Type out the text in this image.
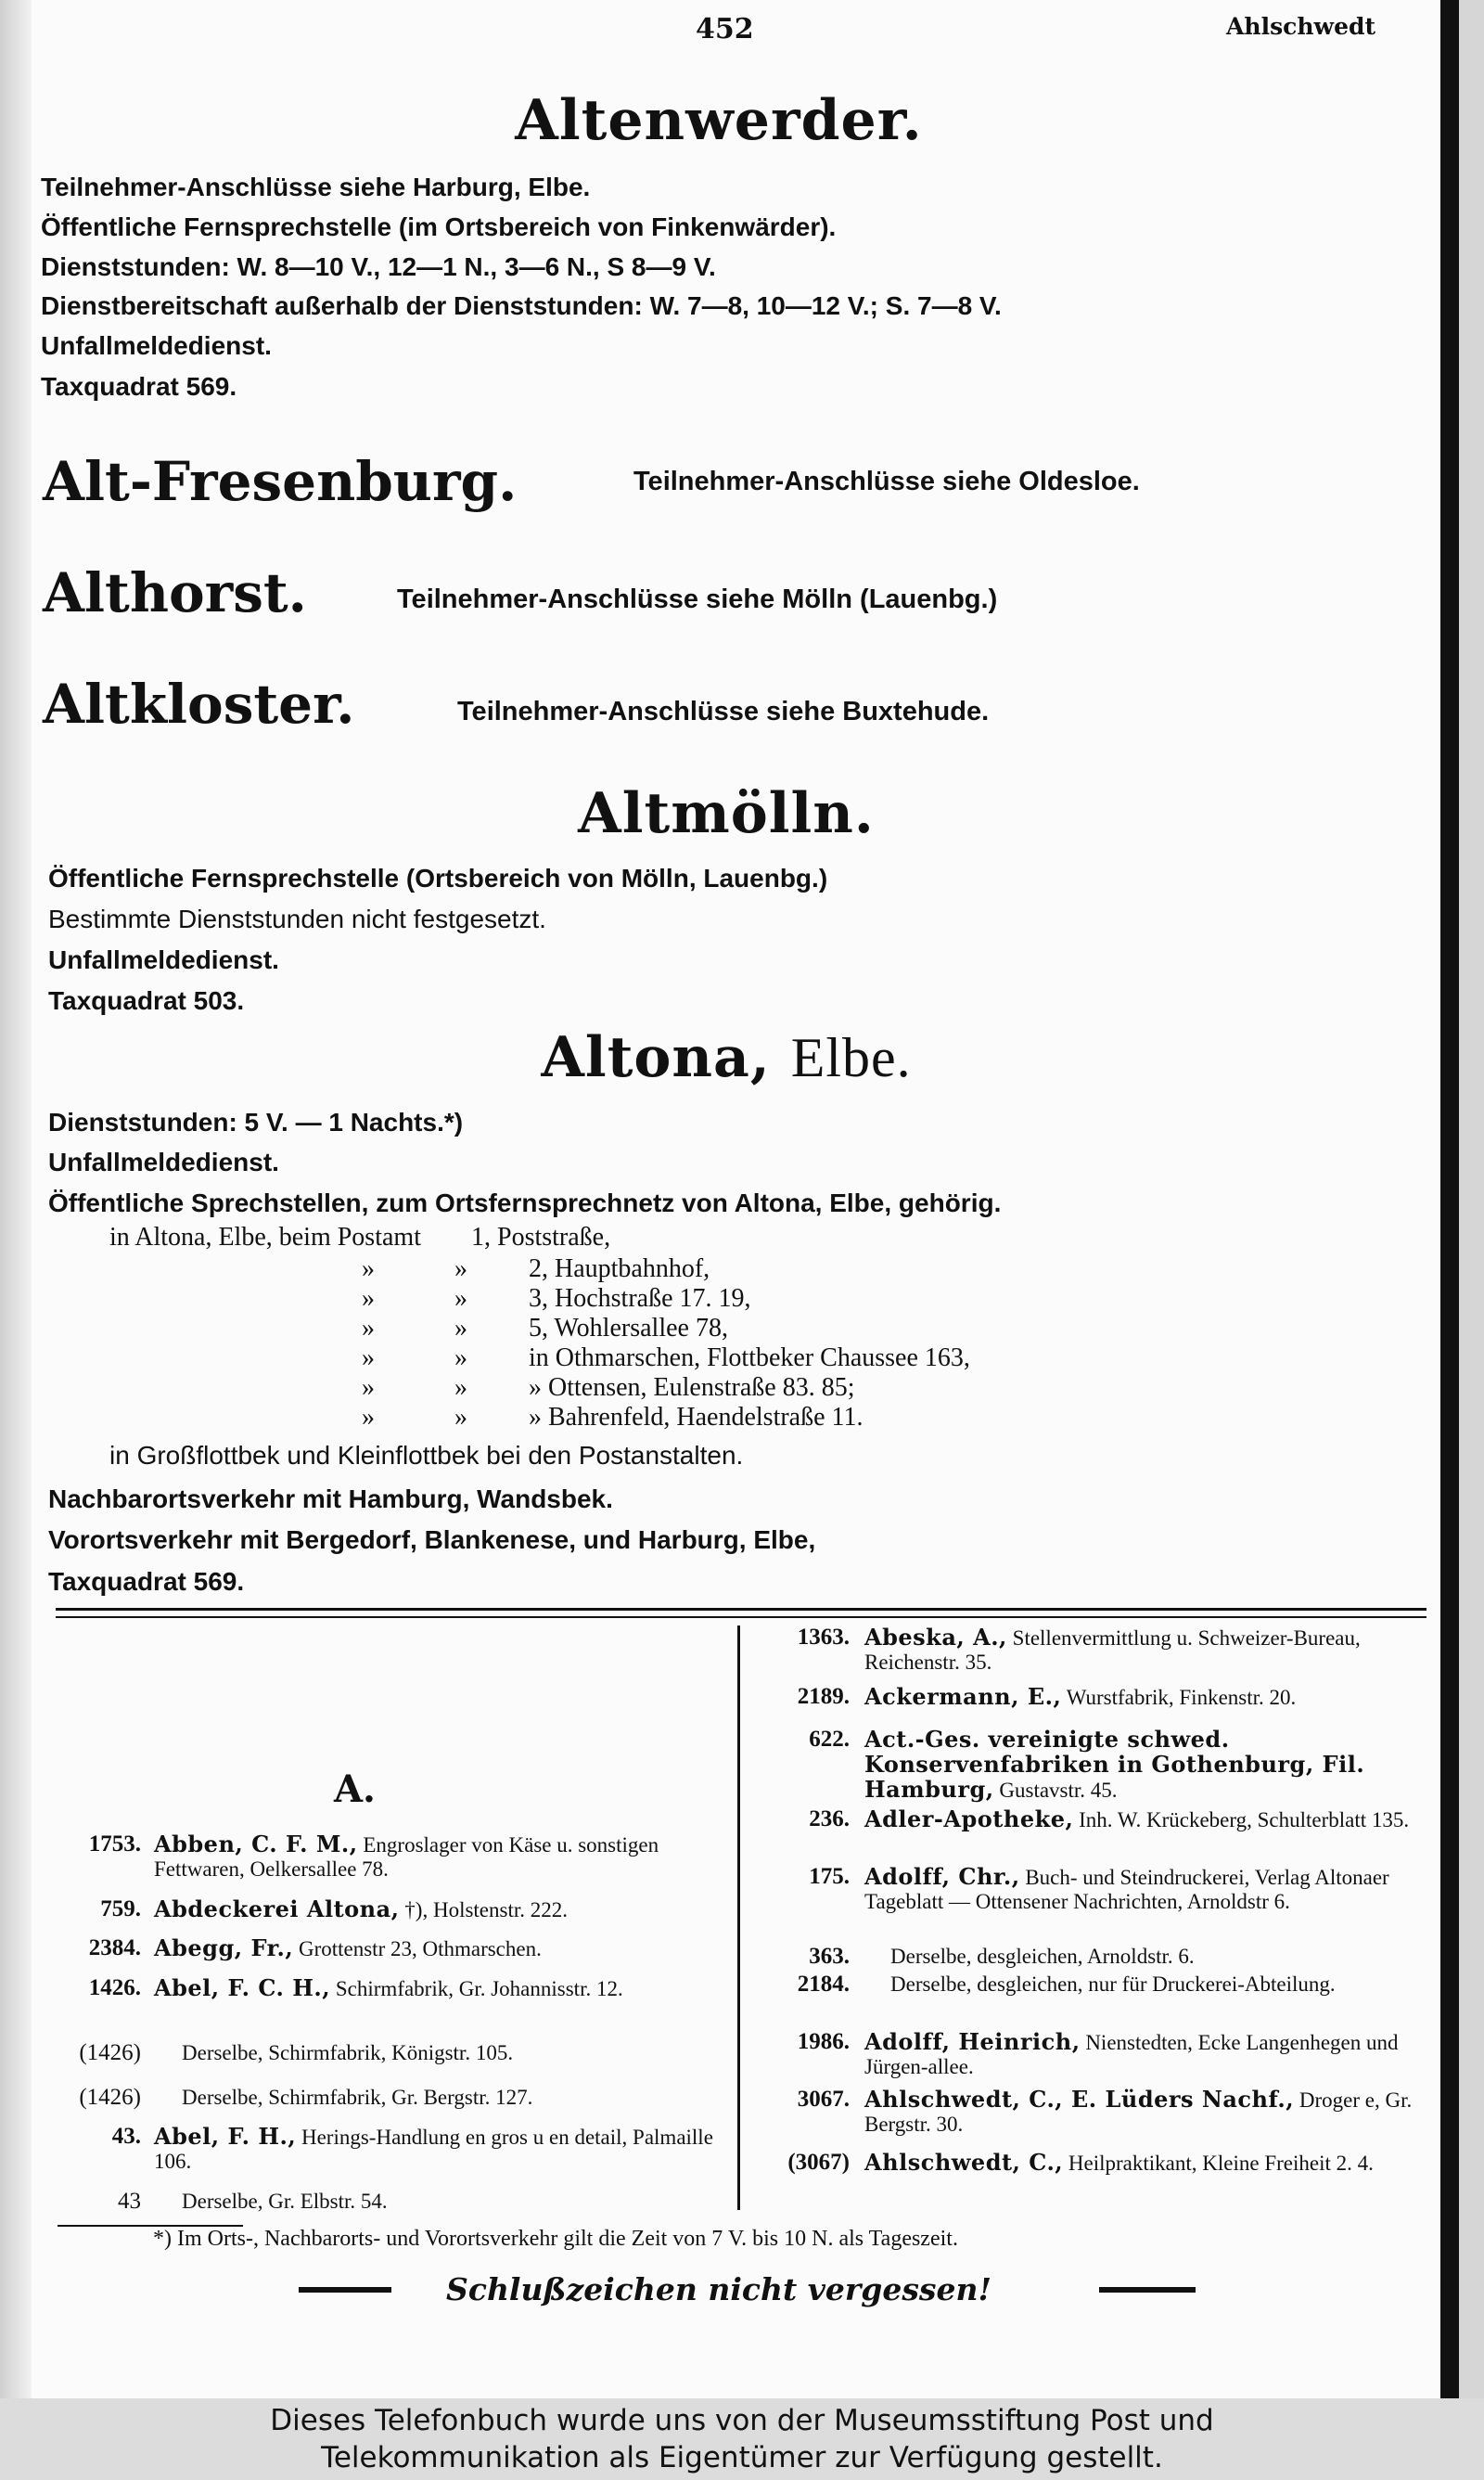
452	Ahlschwedt
Altenwerder.
Teilnehmer-Anschlüsse siehe Harburg, Elbe.
Öffentliche Fernsprechstelle (im Ortsbereich von Finkenwärder).
Dienststunden: W. 8—10 V., 12—1 N., 3—6 N., S 8—9 V.
Dienstbereitschaft außerhalb der Dienststunden: W. 7—8, 10—12 V.; S. 7—8 V.
Unfallmeldedienst.
Taxquadrat 569.
Alt-Fresenburg.	Teilnehmer-Anschlüsse siehe Oldesloe.
Althorst.	Teilnehmer-Anschlüsse siehe Mölln (Lauenbg.)
Altkloster.	Teilnehmer-Anschlüsse siehe Buxtehude.
Altmölln.
Öffentliche Fernsprechstelle (Ortsbereich von Mölln, Lauenbg.)
Bestimmte Dienststunden nicht festgesetzt.
Unfallmeldedienst.
Taxquadrat 503.
Altona, Elbe.
Dienststunden: 5 V. — 1 Nachts.*)
Unfallmeldedienst.
Öffentliche Sprechstellen, zum Ortsfernsprechnetz von Altona, Elbe, gehörig.
in Altona, Elbe, beim Postamt 1, Poststraße,
»	» 2, Hauptbahnhof,
»	» 3, Hochstraße 17. 19,
»	» 5, Wohlersallee 78,
»	» in Othmarschen, Flottbeker Chaussee 163,
»	» » Ottensen, Eulenstraße 83. 85;
»	» » Bahrenfeld, Haendelstraße 11.
in Großflottbek und Kleinflottbek bei den Postanstalten.
Nachbarortsverkehr mit Hamburg, Wandsbek.
Vorortsverkehr mit Bergedorf, Blankenese, und Harburg, Elbe,
Taxquadrat 569.
A.
1753. Abben, C. F. M., Engroslager von Käse u. sonstigen Fettwaren, Oelkersallee 78.
759. Abdeckerei Altona, †), Holstenstr. 222.
2384. Abegg, Fr., Grottenstr 23, Othmarschen.
1426. Abel, F. C. H., Schirmfabrik, Gr. Johannisstr. 12.
(1426) Derselbe, Schirmfabrik, Königstr. 105.
(1426) Derselbe, Schirmfabrik, Gr. Bergstr. 127.
43. Abel, F. H., Herings-Handlung en gros u en detail, Palmaille 106.
43 Derselbe, Gr. Elbstr. 54.
1363. Abeska, A., Stellenvermittlung u. Schweizer-Bureau, Reichenstr. 35.
2189. Ackermann, E., Wurstfabrik, Finkenstr. 20.
622. Act.-Ges. vereinigte schwed. Konservenfabriken in Gothenburg, Fil. Hamburg, Gustavstr. 45.
236. Adler-Apotheke, Inh. W. Krückeberg, Schulterblatt 135.
175. Adolff, Chr., Buch- und Steindruckerei, Verlag Altonaer Tageblatt — Ottensener Nachrichten, Arnoldstr 6.
363. Derselbe, desgleichen, Arnoldstr. 6.
2184. Derselbe, desgleichen, nur für Druckerei-Abteilung.
1986. Adolff, Heinrich, Nienstedten, Ecke Langenhegen und Jürgen-allee.
3067. Ahlschwedt, C., E. Lüders Nachf., Droger e, Gr. Bergstr. 30.
(3067) Ahlschwedt, C., Heilpraktikant, Kleine Freiheit 2. 4.
*) Im Orts-, Nachbarorts- und Vorortsverkehr gilt die Zeit von 7 V. bis 10 N. als Tageszeit.
Schlußzeichen nicht vergessen!
Dieses Telefonbuch wurde uns von der Museumsstiftung Post und
Telekommunikation als Eigentümer zur Verfügung gestellt.
